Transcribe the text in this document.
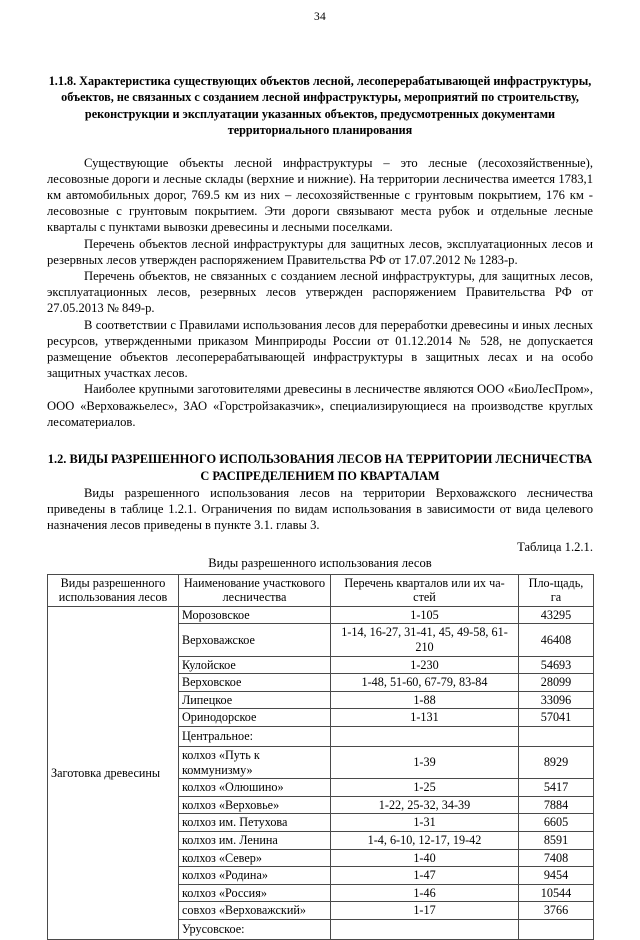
34
1.1.8. Характеристика существующих объектов лесной, лесоперерабатывающей инфраструктуры, объектов, не связанных с созданием лесной инфраструктуры, мероприятий по строительству, реконструкции и эксплуатации указанных объектов, предусмотренных документами территориального планирования

Существующие объекты лесной инфраструктуры – это лесные (лесохозяйственные), лесовозные дороги и лесные склады (верхние и нижние). На территории лесничества имеется 1783,1 км автомобильных дорог, 769.5 км из них – лесохозяйственные с грунтовым покрытием, 176 км - лесовозные с грунтовым покрытием. Эти дороги связывают места рубок и отдельные лесные кварталы с пунктами вывозки древесины и лесными поселками.

Перечень объектов лесной инфраструктуры для защитных лесов, эксплуатационных лесов и резервных лесов утвержден распоряжением Правительства РФ от 17.07.2012 № 1283-р.

Перечень объектов, не связанных с созданием лесной инфраструктуры, для защитных лесов, эксплуатационных лесов, резервных лесов утвержден распоряжением Правительства РФ от 27.05.2013 № 849-р.

В соответствии с Правилами использования лесов для переработки древесины и иных лесных ресурсов, утвержденными приказом Минприроды России от 01.12.2014 № 528, не допускается размещение объектов лесоперерабатывающей инфраструктуры в защитных лесах и на особо защитных участках лесов.

Наиболее крупными заготовителями древесины в лесничестве являются ООО «БиоЛесПром», ООО «Верховажьелес», ЗАО «Горстройзаказчик», специализирующиеся на производстве круглых лесоматериалов.

1.2. ВИДЫ РАЗРЕШЕННОГО ИСПОЛЬЗОВАНИЯ ЛЕСОВ НА ТЕРРИТОРИИ ЛЕСНИЧЕСТВА С РАСПРЕДЕЛЕНИЕМ ПО КВАРТАЛАМ

Виды разрешенного использования лесов на территории Верховажского лесничества приведены в таблице 1.2.1. Ограничения по видам использования в зависимости от вида целевого назначения лесов приведены в пункте 3.1. главы 3.

Таблица 1.2.1.
Виды разрешенного использования лесов
Виды разрешенного использования лесов	Наименование участкового лесничества	Перечень кварталов или их ча-стей	Пло-щадь, га
Заготовка древесины	Морозовское	1-105	43295
	Верховажское	1-14, 16-27, 31-41, 45, 49-58, 61-210	46408
	Кулойское	1-230	54693
	Верховское	1-48, 51-60, 67-79, 83-84	28099
	Липецкое	1-88	33096
	Оринодорское	1-131	57041
	Центральное:		
	колхоз «Путь к коммунизму»	1-39	8929
	колхоз «Олюшино»	1-25	5417
	колхоз «Верховье»	1-22, 25-32, 34-39	7884
	колхоз им. Петухова	1-31	6605
	колхоз им. Ленина	1-4, 6-10, 12-17, 19-42	8591
	колхоз «Север»	1-40	7408
	колхоз «Родина»	1-47	9454
	колхоз «Россия»	1-46	10544
	совхоз «Верховажский»	1-17	3766
	Урусовское:		
